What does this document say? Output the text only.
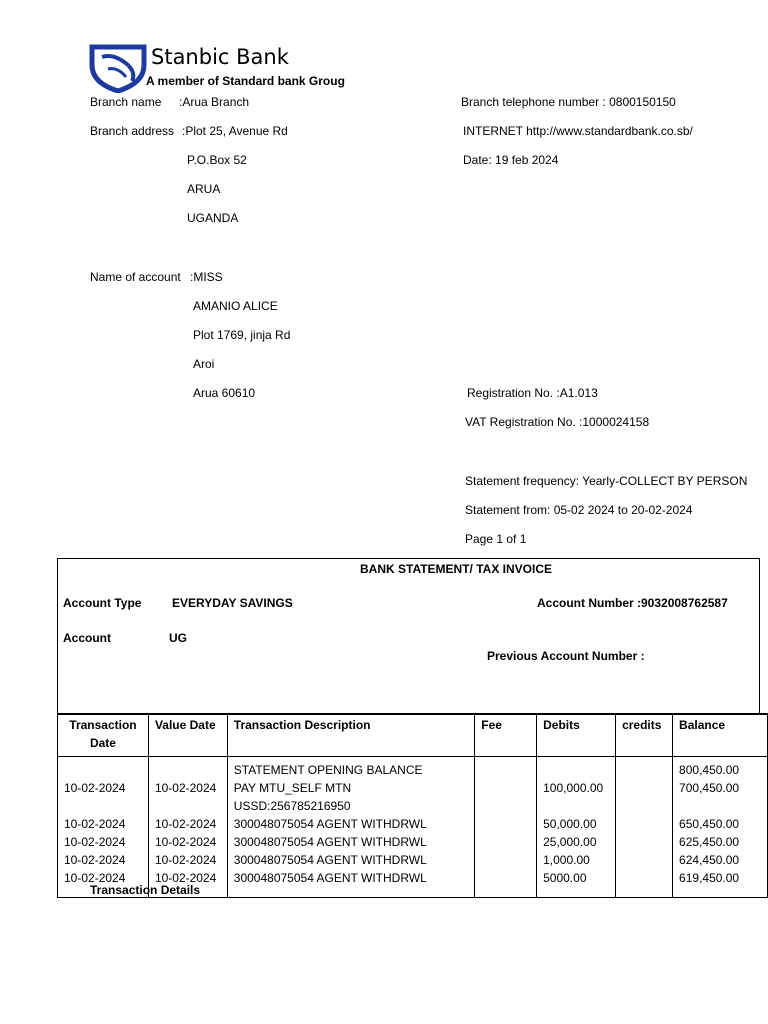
Stanbic Bank
A member of Standard bank Groug
Branch name :Arua Branch
Branch address :Plot 25, Avenue Rd
P.O.Box 52
ARUA
UGANDA
Branch telephone number : 0800150150
INTERNET http://www.standardbank.co.sb/
Date: 19 feb 2024
Name of account :MISS
AMANIO ALICE
Plot 1769, jinja Rd
Aroi
Arua 60610	Registration No. :A1.013
VAT Registration No. :1000024158
Statement frequency: Yearly-COLLECT BY PERSON
Statement from: 05-02 2024 to 20-02-2024
Page 1 of 1
BANK STATEMENT/ TAX INVOICE
Account Type	EVERYDAY SAVINGS	Account Number :9032008762587
Account	UG
Previous Account Number :
Transaction Date	Value Date	Transaction Description	Fee	Debits	credits	Balance

		STATEMENT OPENING BALANCE				800,450.00
10-02-2024	10-02-2024	PAY MTU_SELF MTN USSD:256785216950		100,000.00		700,450.00
10-02-2024	10-02-2024	300048075054 AGENT WITHDRWL		50,000.00		650,450.00
10-02-2024	10-02-2024	300048075054 AGENT WITHDRWL		25,000.00		625,450.00
10-02-2024	10-02-2024	300048075054 AGENT WITHDRWL		1,000.00		624,450.00
10-02-2024	10-02-2024	300048075054 AGENT WITHDRWL		5000.00		619,450.00

Transaction Details
